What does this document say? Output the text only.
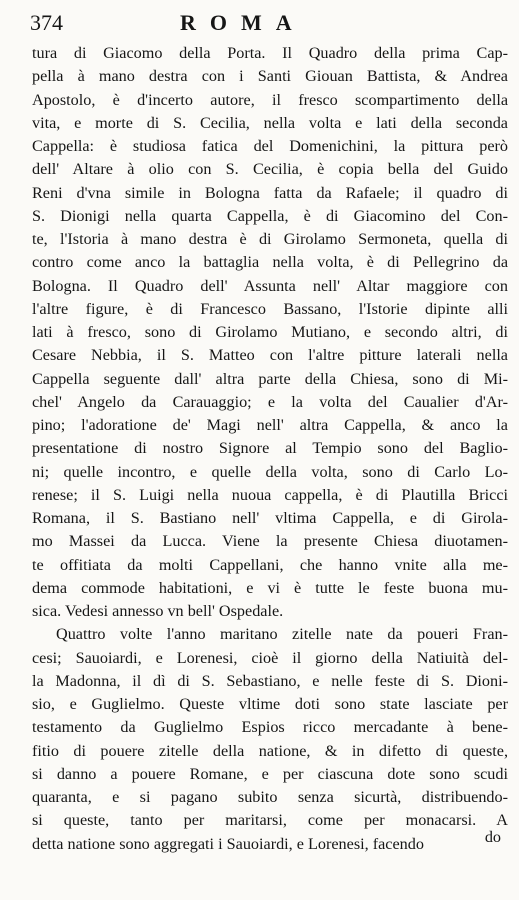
374	ROMA
tura di Giacomo della Porta. Il Quadro della prima Cap-
pella à mano destra con i Santi Giouan Battista, & Andrea
Apostolo, è d'incerto autore, il fresco scompartimento della
vita, e morte di S. Cecilia, nella volta e lati della seconda
Cappella: è studiosa fatica del Domenichini, la pittura però
dell' Altare à olio con S. Cecilia, è copia bella del Guido
Reni d'vna simile in Bologna fatta da Rafaele; il quadro di
S. Dionigi nella quarta Cappella, è di Giacomino del Con-
te, l'Istoria à mano destra è di Girolamo Sermoneta, quella di
contro come anco la battaglia nella volta, è di Pellegrino da
Bologna. Il Quadro dell' Assunta nell' Altar maggiore con
l'altre figure, è di Francesco Bassano, l'Istorie dipinte alli
lati à fresco, sono di Girolamo Mutiano, e secondo altri, di
Cesare Nebbia, il S. Matteo con l'altre pitture laterali nella
Cappella seguente dall' altra parte della Chiesa, sono di Mi-
chel' Angelo da Carauaggio; e la volta del Caualier d'Ar-
pino; l'adoratione de' Magi nell' altra Cappella, & anco la
presentatione di nostro Signore al Tempio sono del Baglio-
ni; quelle incontro, e quelle della volta, sono di Carlo Lo-
renese; il S. Luigi nella nuoua cappella, è di Plautilla Bricci
Romana, il S. Bastiano nell' vltima Cappella, e di Girola-
mo Massei da Lucca. Viene la presente Chiesa diuotamen-
te offitiata da molti Cappellani, che hanno vnite alla me-
dema commode habitationi, e vi è tutte le feste buona mu-
sica. Vedesi annesso vn bell' Ospedale.
Quattro volte l'anno maritano zitelle nate da poueri Fran-
cesi; Sauoiardi, e Lorenesi, cioè il giorno della Natiuità del-
la Madonna, il dì di S. Sebastiano, e nelle feste di S. Dioni-
sio, e Guglielmo. Queste vltime doti sono state lasciate per
testamento da Guglielmo Espios ricco mercadante à bene-
fitio di pouere zitelle della natione, & in difetto di queste,
si danno a pouere Romane, e per ciascuna dote sono scudi
quaranta, e si pagano subito senza sicurtà, distribuendo-
si queste, tanto per maritarsi, come per monacarsi. A
detta natione sono aggregati i Sauoiardi, e Lorenesi, facendo	do
